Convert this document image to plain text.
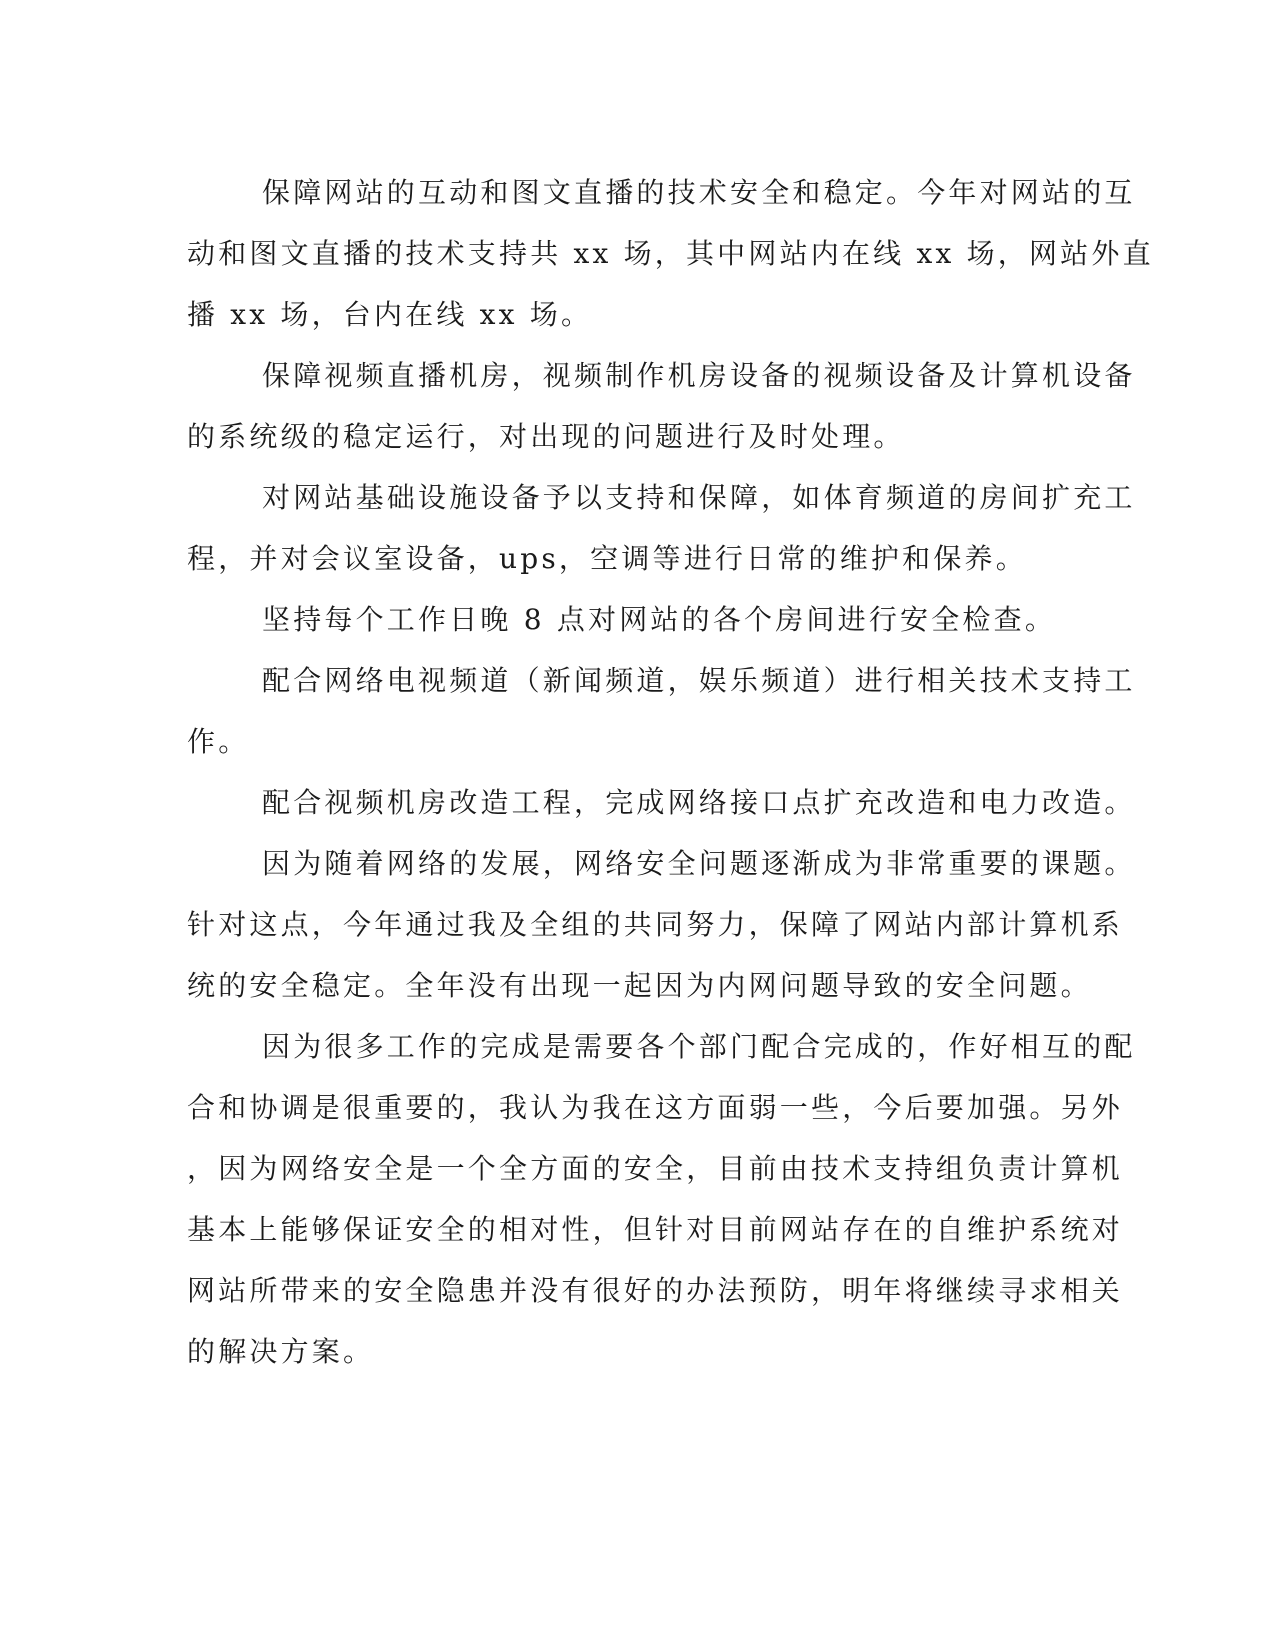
保障网站的互动和图文直播的技术安全和稳定。今年对网站的互
动和图文直播的技术支持共 xx 场，其中网站内在线 xx 场，网站外直
播 xx 场，台内在线 xx 场。
保障视频直播机房，视频制作机房设备的视频设备及计算机设备
的系统级的稳定运行，对出现的问题进行及时处理。
对网站基础设施设备予以支持和保障，如体育频道的房间扩充工
程，并对会议室设备，ups，空调等进行日常的维护和保养。
坚持每个工作日晚 8 点对网站的各个房间进行安全检查。
配合网络电视频道（新闻频道，娱乐频道）进行相关技术支持工
作。
配合视频机房改造工程，完成网络接口点扩充改造和电力改造。
因为随着网络的发展，网络安全问题逐渐成为非常重要的课题。
针对这点，今年通过我及全组的共同努力，保障了网站内部计算机系
统的安全稳定。全年没有出现一起因为内网问题导致的安全问题。
因为很多工作的完成是需要各个部门配合完成的，作好相互的配
合和协调是很重要的，我认为我在这方面弱一些，今后要加强。另外
，因为网络安全是一个全方面的安全，目前由技术支持组负责计算机
基本上能够保证安全的相对性，但针对目前网站存在的自维护系统对
网站所带来的安全隐患并没有很好的办法预防，明年将继续寻求相关
的解决方案。
